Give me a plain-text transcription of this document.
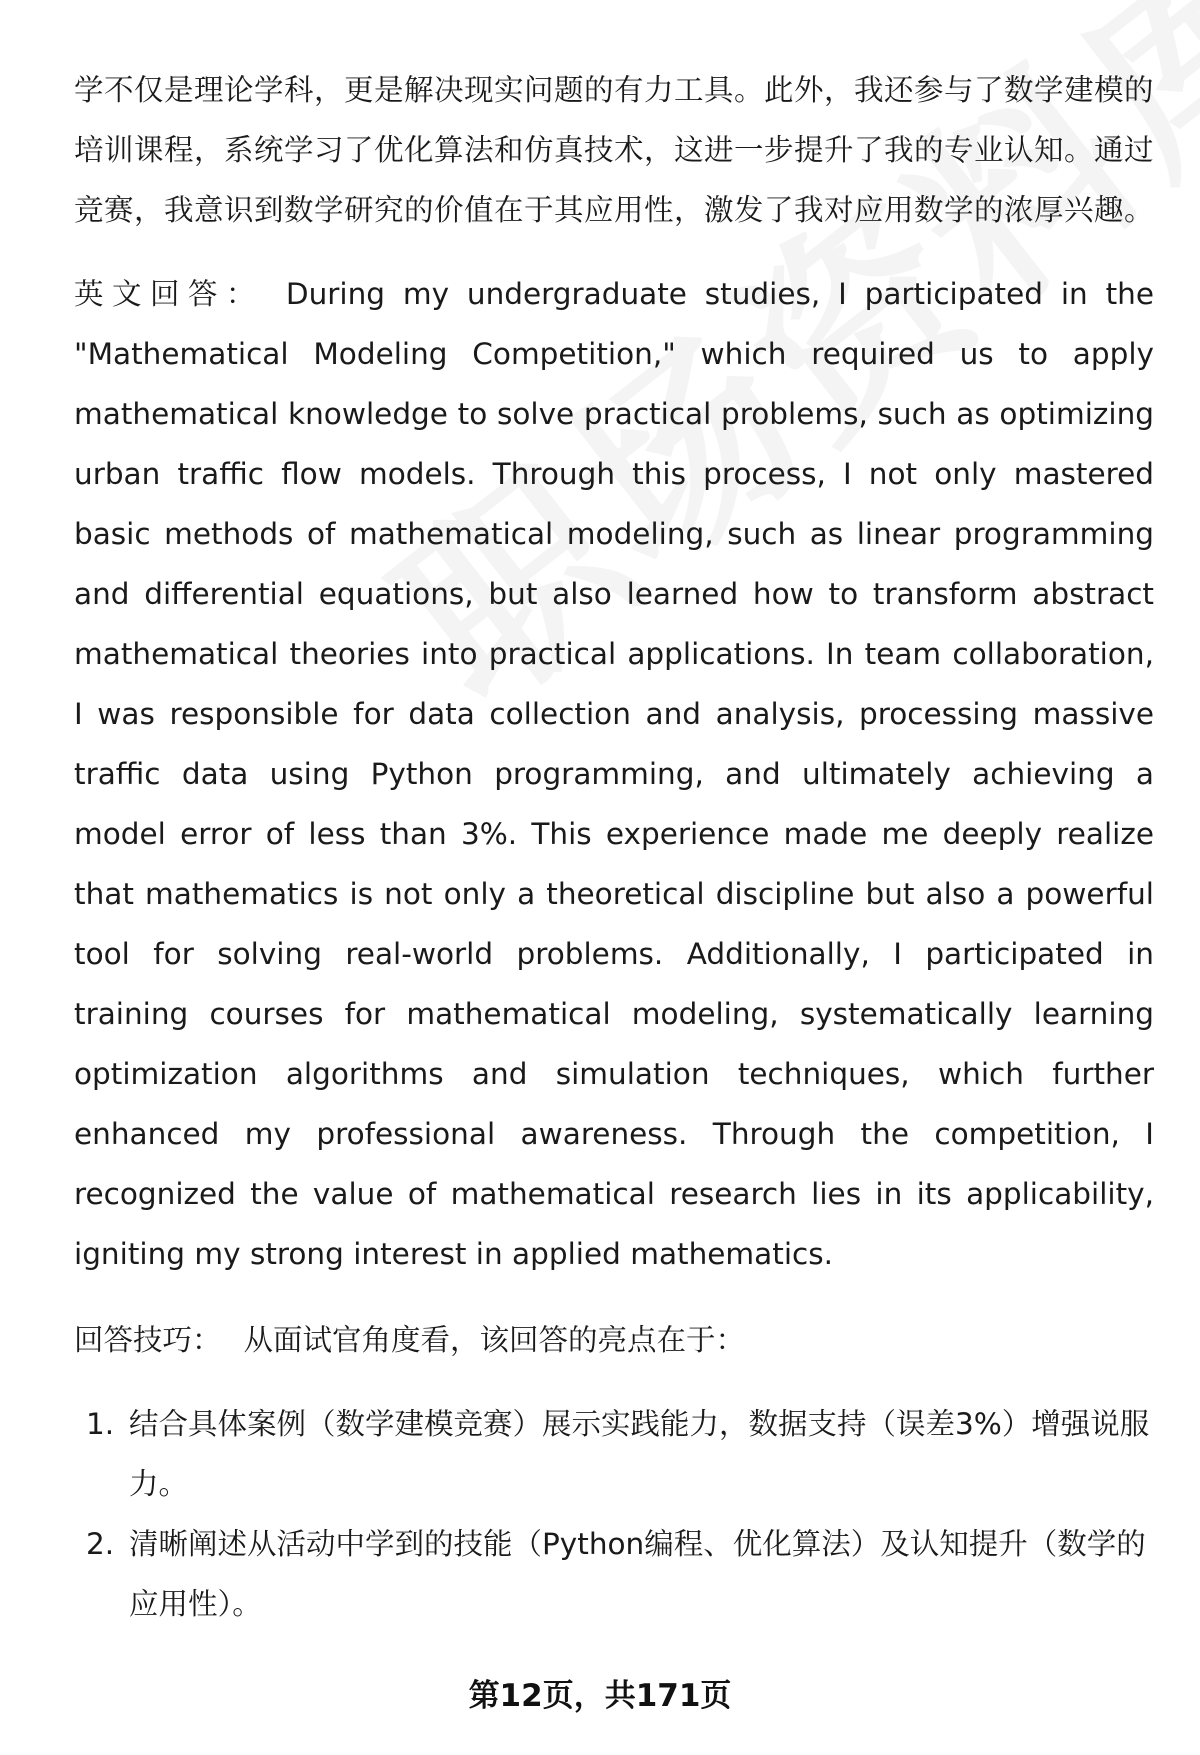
学不仅是理论学科，更是解决现实问题的有力工具。此外，我还参与了数学建模的培训课程，系统学习了优化算法和仿真技术，这进一步提升了我的专业认知。通过竞赛，我意识到数学研究的价值在于其应用性，激发了我对应用数学的浓厚兴趣。

英文回答： During my undergraduate studies, I participated in the "Mathematical Modeling Competition," which required us to apply mathematical knowledge to solve practical problems, such as optimizing urban traffic flow models. Through this process, I not only mastered basic methods of mathematical modeling, such as linear programming and differential equations, but also learned how to transform abstract mathematical theories into practical applications. In team collaboration, I was responsible for data collection and analysis, processing massive traffic data using Python programming, and ultimately achieving a model error of less than 3%. This experience made me deeply realize that mathematics is not only a theoretical discipline but also a powerful tool for solving real-world problems. Additionally, I participated in training courses for mathematical modeling, systematically learning optimization algorithms and simulation techniques, which further enhanced my professional awareness. Through the competition, I recognized the value of mathematical research lies in its applicability, igniting my strong interest in applied mathematics.

回答技巧： 从面试官角度看，该回答的亮点在于：

1. 结合具体案例（数学建模竞赛）展示实践能力，数据支持（误差3%）增强说服力。
2. 清晰阐述从活动中学到的技能（Python编程、优化算法）及认知提升（数学的应用性）。
第12页，共171页
